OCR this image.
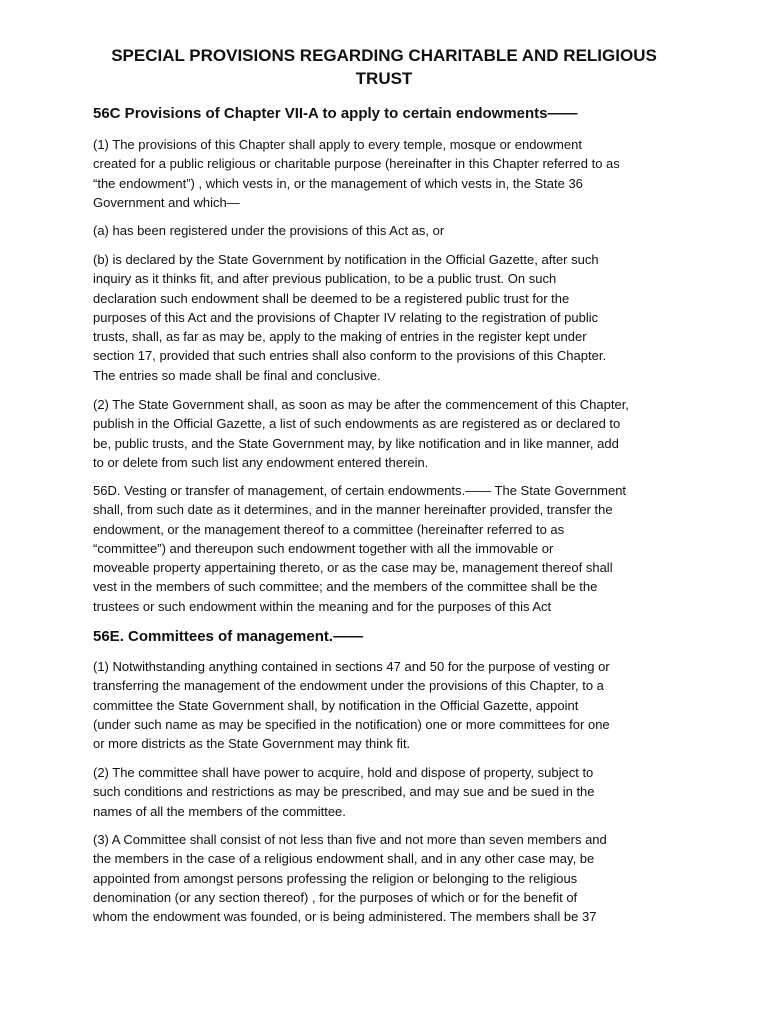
SPECIAL PROVISIONS REGARDING CHARITABLE AND RELIGIOUS
TRUST
56C Provisions of Chapter VII-A to apply to certain endowments——

(1) The provisions of this Chapter shall apply to every temple, mosque or endowment
created for a public religious or charitable purpose (hereinafter in this Chapter referred to as
“the endowment”) , which vests in, or the management of which vests in, the State 36
Government and which—

(a) has been registered under the provisions of this Act as, or

(b) is declared by the State Government by notification in the Official Gazette, after such
inquiry as it thinks fit, and after previous publication, to be a public trust. On such
declaration such endowment shall be deemed to be a registered public trust for the
purposes of this Act and the provisions of Chapter IV relating to the registration of public
trusts, shall, as far as may be, apply to the making of entries in the register kept under
section 17, provided that such entries shall also conform to the provisions of this Chapter.
The entries so made shall be final and conclusive.

(2) The State Government shall, as soon as may be after the commencement of this Chapter,
publish in the Official Gazette, a list of such endowments as are registered as or declared to
be, public trusts, and the State Government may, by like notification and in like manner, add
to or delete from such list any endowment entered therein.

56D. Vesting or transfer of management, of certain endowments.—— The State Government
shall, from such date as it determines, and in the manner hereinafter provided, transfer the
endowment, or the management thereof to a committee (hereinafter referred to as
“committee”) and thereupon such endowment together with all the immovable or
moveable property appertaining thereto, or as the case may be, management thereof shall
vest in the members of such committee; and the members of the committee shall be the
trustees or such endowment within the meaning and for the purposes of this Act

56E. Committees of management.——

(1) Notwithstanding anything contained in sections 47 and 50 for the purpose of vesting or
transferring the management of the endowment under the provisions of this Chapter, to a
committee the State Government shall, by notification in the Official Gazette, appoint
(under such name as may be specified in the notification) one or more committees for one
or more districts as the State Government may think fit.

(2) The committee shall have power to acquire, hold and dispose of property, subject to
such conditions and restrictions as may be prescribed, and may sue and be sued in the
names of all the members of the committee.

(3) A Committee shall consist of not less than five and not more than seven members and
the members in the case of a religious endowment shall, and in any other case may, be
appointed from amongst persons professing the religion or belonging to the religious
denomination (or any section thereof) , for the purposes of which or for the benefit of
whom the endowment was founded, or is being administered. The members shall be 37
